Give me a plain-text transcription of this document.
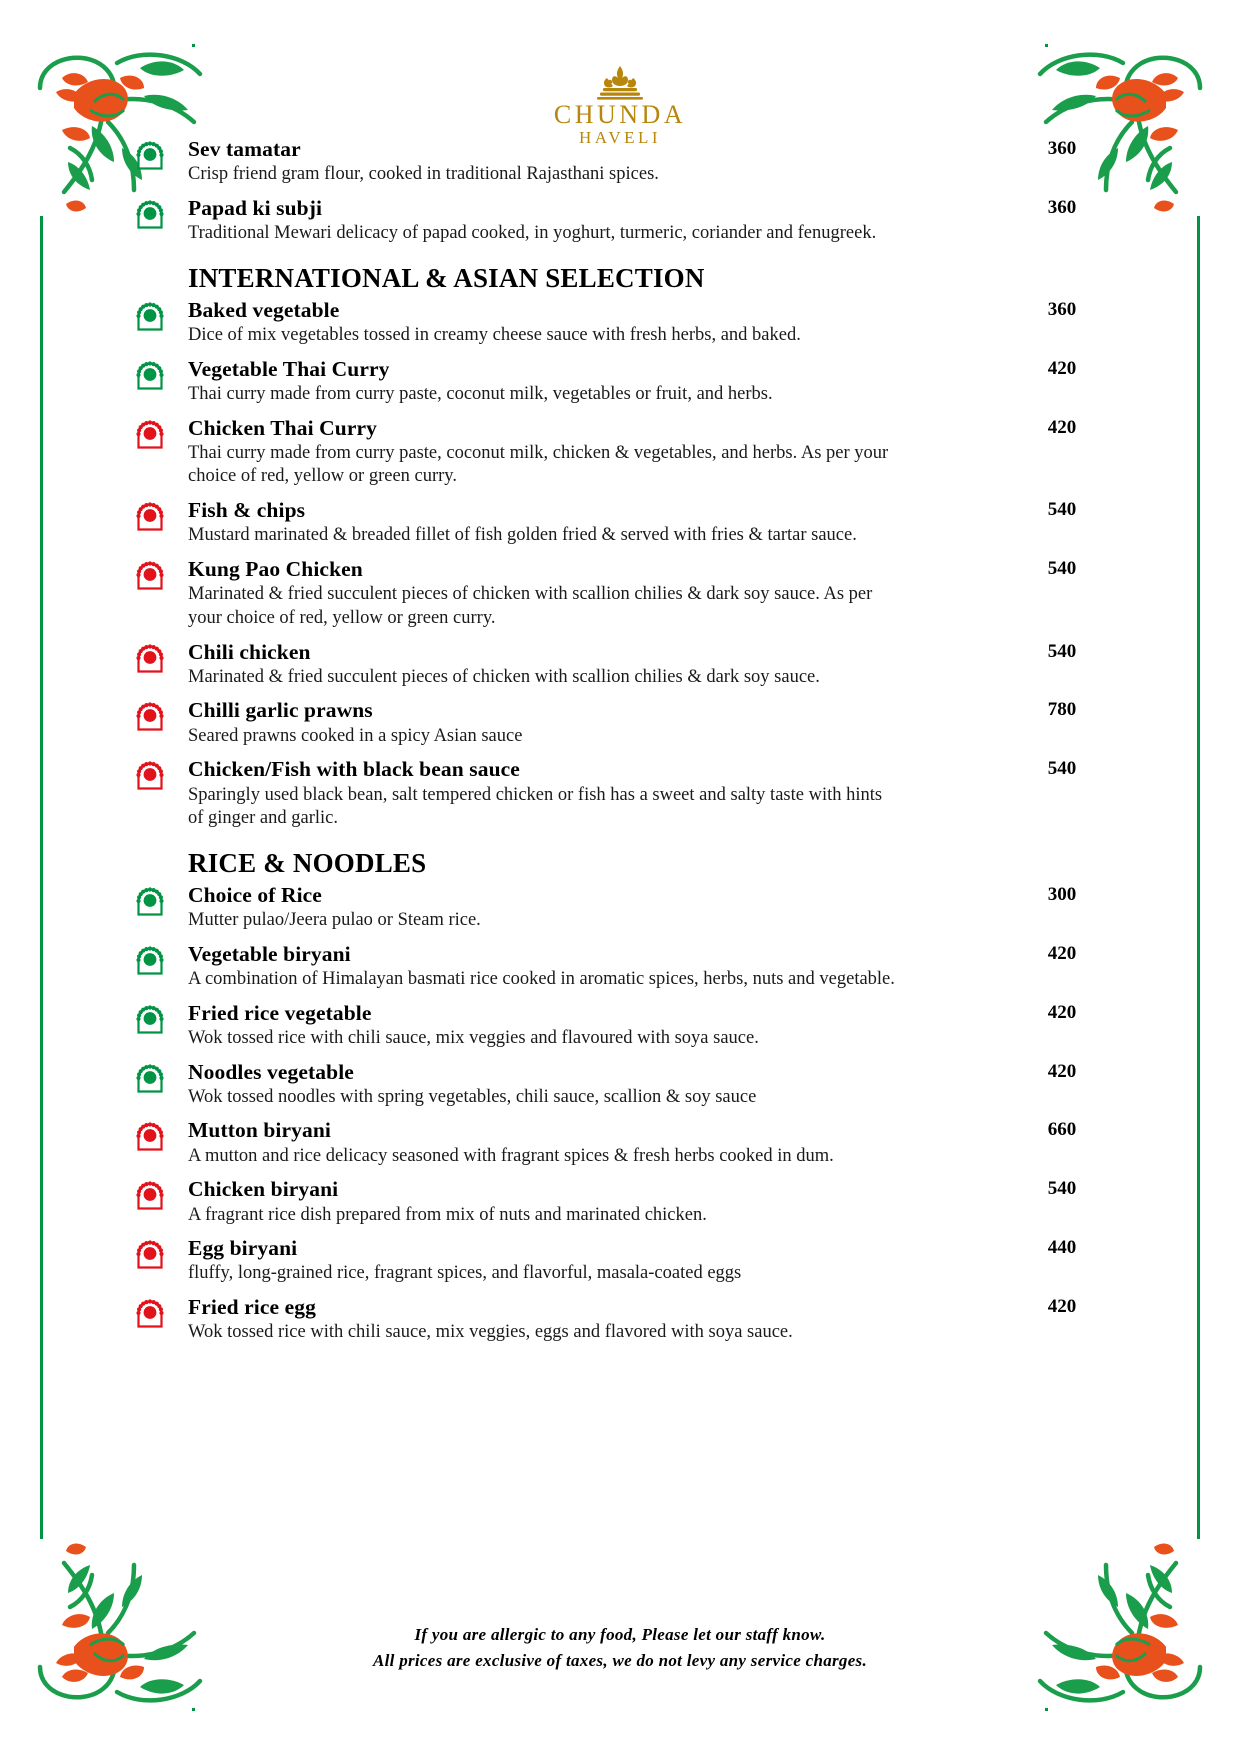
CHUNDA
HAVELI
Sev tamatar	360
Crisp friend gram flour, cooked in traditional Rajasthani spices.
Papad ki subji	360
Traditional Mewari delicacy of papad cooked, in yoghurt, turmeric, coriander and fenugreek.
INTERNATIONAL & ASIAN SELECTION
Baked vegetable	360
Dice of mix vegetables tossed in creamy cheese sauce with fresh herbs, and baked.
Vegetable Thai Curry	420
Thai curry made from curry paste, coconut milk, vegetables or fruit, and herbs.
Chicken Thai Curry	420
Thai curry made from curry paste, coconut milk, chicken & vegetables, and herbs. As per your choice of red, yellow or green curry.
Fish & chips	540
Mustard marinated & breaded fillet of fish golden fried & served with fries & tartar sauce.
Kung Pao Chicken	540
Marinated & fried succulent pieces of chicken with scallion chilies & dark soy sauce. As per your choice of red, yellow or green curry.
Chili chicken	540
Marinated & fried succulent pieces of chicken with scallion chilies & dark soy sauce.
Chilli garlic prawns	780
Seared prawns cooked in a spicy Asian sauce
Chicken/Fish with black bean sauce	540
Sparingly used black bean, salt tempered chicken or fish has a sweet and salty taste with hints of ginger and garlic.
RICE & NOODLES
Choice of Rice	300
Mutter pulao/Jeera pulao or Steam rice.
Vegetable biryani	420
A combination of Himalayan basmati rice cooked in aromatic spices, herbs, nuts and vegetable.
Fried rice vegetable	420
Wok tossed rice with chili sauce, mix veggies and flavoured with soya sauce.
Noodles vegetable	420
Wok tossed noodles with spring vegetables, chili sauce, scallion & soy sauce
Mutton biryani	660
A mutton and rice delicacy seasoned with fragrant spices & fresh herbs cooked in dum.
Chicken biryani	540
A fragrant rice dish prepared from mix of nuts and marinated chicken.
Egg biryani	440
fluffy, long-grained rice, fragrant spices, and flavorful, masala-coated eggs
Fried rice egg	420
Wok tossed rice with chili sauce, mix veggies, eggs and flavored with soya sauce.
If you are allergic to any food, Please let our staff know.
All prices are exclusive of taxes, we do not levy any service charges.
